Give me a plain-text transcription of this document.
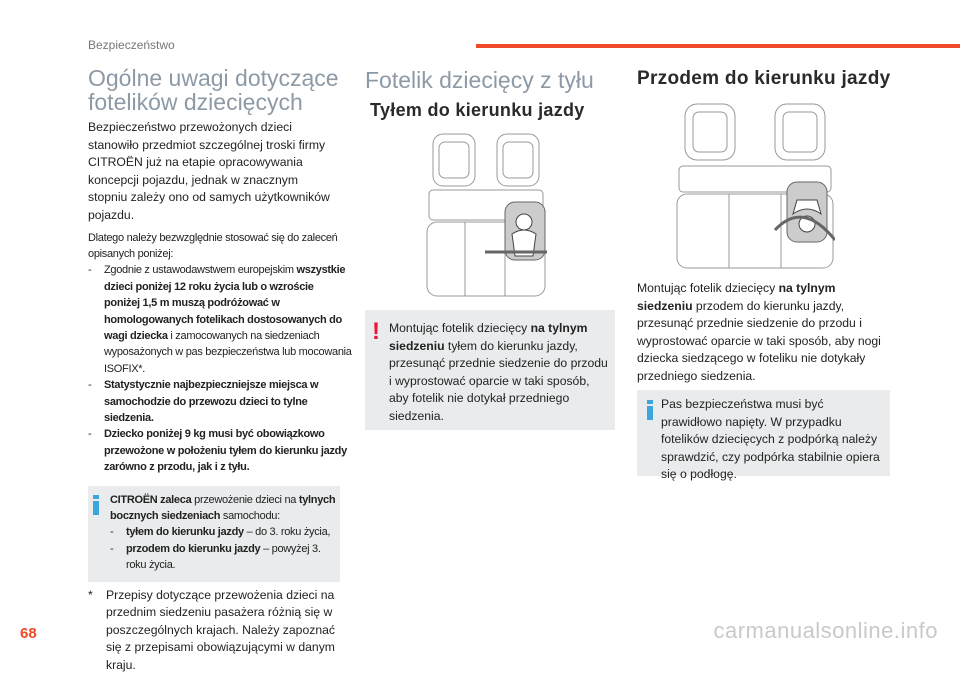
Bezpieczeństwo
Ogólne uwagi dotyczące
fotelików dziecięcych
Bezpieczeństwo przewożonych dzieci stanowiło przedmiot szczególnej troski firmy CITROËN już na etapie opracowywania koncepcji pojazdu, jednak w znacznym stopniu zależy ono od samych użytkowników pojazdu.
Dlatego należy bezwzględnie stosować się do zaleceń opisanych poniżej:
- Zgodnie z ustawodawstwem europejskim wszystkie dzieci poniżej 12 roku życia lub o wzroście poniżej 1,5 m muszą podróżować w homologowanych fotelikach dostosowanych do wagi dziecka i zamocowanych na siedzeniach wyposażonych w pas bezpieczeństwa lub mocowania ISOFIX*.
- Statystycznie najbezpieczniejsze miejsca w samochodzie do przewozu dzieci to tylne siedzenia.
- Dziecko poniżej 9 kg musi być obowiązkowo przewożone w położeniu tyłem do kierunku jazdy zarówno z przodu, jak i z tyłu.
CITROËN zaleca przewożenie dzieci na tylnych bocznych siedzeniach samochodu:
- tyłem do kierunku jazdy – do 3. roku życia,
- przodem do kierunku jazdy – powyżej 3. roku życia.
*	Przepisy dotyczące przewożenia dzieci na przednim siedzeniu pasażera różnią się w poszczególnych krajach. Należy zapoznać się z przepisami obowiązującymi w danym kraju.
Fotelik dziecięcy z tyłu
Tyłem do kierunku jazdy
! Montując fotelik dziecięcy na tylnym siedzeniu tyłem do kierunku jazdy, przesunąć przednie siedzenie do przodu i wyprostować oparcie w taki sposób, aby fotelik nie dotykał przedniego siedzenia.
Przodem do kierunku jazdy
Montując fotelik dziecięcy na tylnym siedzeniu przodem do kierunku jazdy, przesunąć przednie siedzenie do przodu i wyprostować oparcie w taki sposób, aby nogi dziecka siedzącego w foteliku nie dotykały przedniego siedzenia.
Pas bezpieczeństwa musi być prawidłowo napięty. W przypadku fotelików dziecięcych z podpórką należy sprawdzić, czy podpórka stabilnie opiera się o podłogę.
68	carmanualsonline.info
